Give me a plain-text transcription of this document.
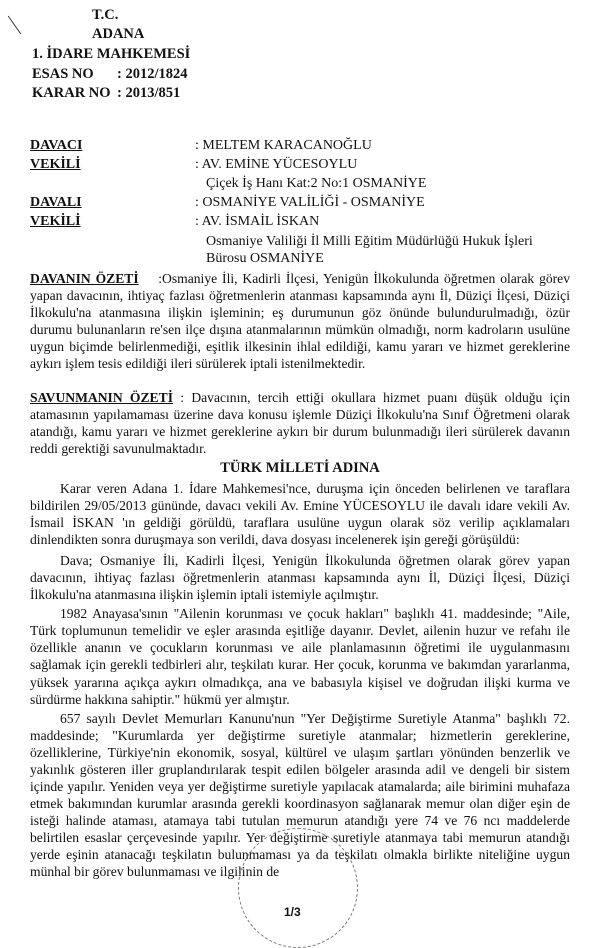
T.C.
ADANA
1. İDARE MAHKEMESİ
ESAS NO : 2012/1824
KARAR NO : 2013/851
DAVACI	: MELTEM KARACANOĞLU
VEKİLİ	: AV. EMİNE YÜCESOYLU
Çiçek İş Hanı Kat:2 No:1 OSMANİYE
DAVALI	: OSMANİYE VALİLİĞİ - OSMANİYE
VEKİLİ	: AV. İSMAİL İSKAN
Osmaniye Valiliği İl Milli Eğitim Müdürlüğü Hukuk İşleri
Bürosu OSMANİYE

DAVANIN ÖZETİ :Osmaniye İli, Kadirli İlçesi, Yenigün İlkokulunda öğretmen olarak görev yapan davacının, ihtiyaç fazlası öğretmenlerin atanması kapsamında aynı İl, Düziçi İlçesi, Düziçi İlkokulu'na atanmasına ilişkin işleminin; eş durumunun göz önünde bulundurulmadığı, özür durumu bulunanların re'sen ilçe dışına atanmalarının mümkün olmadığı, norm kadroların usulüne uygun biçimde belirlenmediği, eşitlik ilkesinin ihlal edildiği, kamu yararı ve hizmet gereklerine aykırı işlem tesis edildiği ileri sürülerek iptali istenilmektedir.

SAVUNMANIN ÖZETİ : Davacının, tercih ettiği okullara hizmet puanı düşük olduğu için atamasının yapılamaması üzerine dava konusu işlemle Düziçi İlkokulu'na Sınıf Öğretmeni olarak atandığı, kamu yararı ve hizmet gereklerine aykırı bir durum bulunmadığı ileri sürülerek davanın reddi gerektiği savunulmaktadır.

TÜRK MİLLETİ ADINA

Karar veren Adana 1. İdare Mahkemesi'nce, duruşma için önceden belirlenen ve taraflara bildirilen 29/05/2013 gününde, davacı vekili Av. Emine YÜCESOYLU ile davalı idare vekili Av. İsmail İSKAN 'ın geldiği görüldü, taraflara usulüne uygun olarak söz verilip açıklamaları dinlendikten sonra duruşmaya son verildi, dava dosyası incelenerek işin gereği görüşüldü:

Dava; Osmaniye İli, Kadirli İlçesi, Yenigün İlkokulunda öğretmen olarak görev yapan davacının, ihtiyaç fazlası öğretmenlerin atanması kapsamında aynı İl, Düziçi İlçesi, Düziçi İlkokulu'na atanmasına ilişkin işlemin iptali istemiyle açılmıştır.

1982 Anayasa'sının "Ailenin korunması ve çocuk hakları" başlıklı 41. maddesinde; "Aile, Türk toplumunun temelidir ve eşler arasında eşitliğe dayanır. Devlet, ailenin huzur ve refahı ile özellikle ananın ve çocukların korunması ve aile planlamasının öğretimi ile uygulanmasını sağlamak için gerekli tedbirleri alır, teşkilatı kurar. Her çocuk, korunma ve bakımdan yararlanma, yüksek yararına açıkça aykırı olmadıkça, ana ve babasıyla kişisel ve doğrudan ilişki kurma ve sürdürme hakkına sahiptir." hükmü yer almıştır.

657 sayılı Devlet Memurları Kanunu'nun "Yer Değiştirme Suretiyle Atanma" başlıklı 72. maddesinde; "Kurumlarda yer değiştirme suretiyle atanmalar; hizmetlerin gereklerine, özelliklerine, Türkiye'nin ekonomik, sosyal, kültürel ve ulaşım şartları yönünden benzerlik ve yakınlık gösteren iller gruplandırılarak tespit edilen bölgeler arasında adil ve dengeli bir sistem içinde yapılır. Yeniden veya yer değiştirme suretiyle yapılacak atamalarda; aile birimini muhafaza etmek bakımından kurumlar arasında gerekli koordinasyon sağlanarak memur olan diğer eşin de isteği halinde ataması, atamaya tabi tutulan memurun atandığı yere 74 ve 76 ncı maddelerde belirtilen esaslar çerçevesinde yapılır. Yer değiştirme suretiyle atanmaya tabi memurun atandığı yerde eşinin atanacağı teşkilatın bulunmaması ya da teşkilatı olmakla birlikte niteliğine uygun münhal bir görev bulunmaması ve ilgilinin de

1/3
